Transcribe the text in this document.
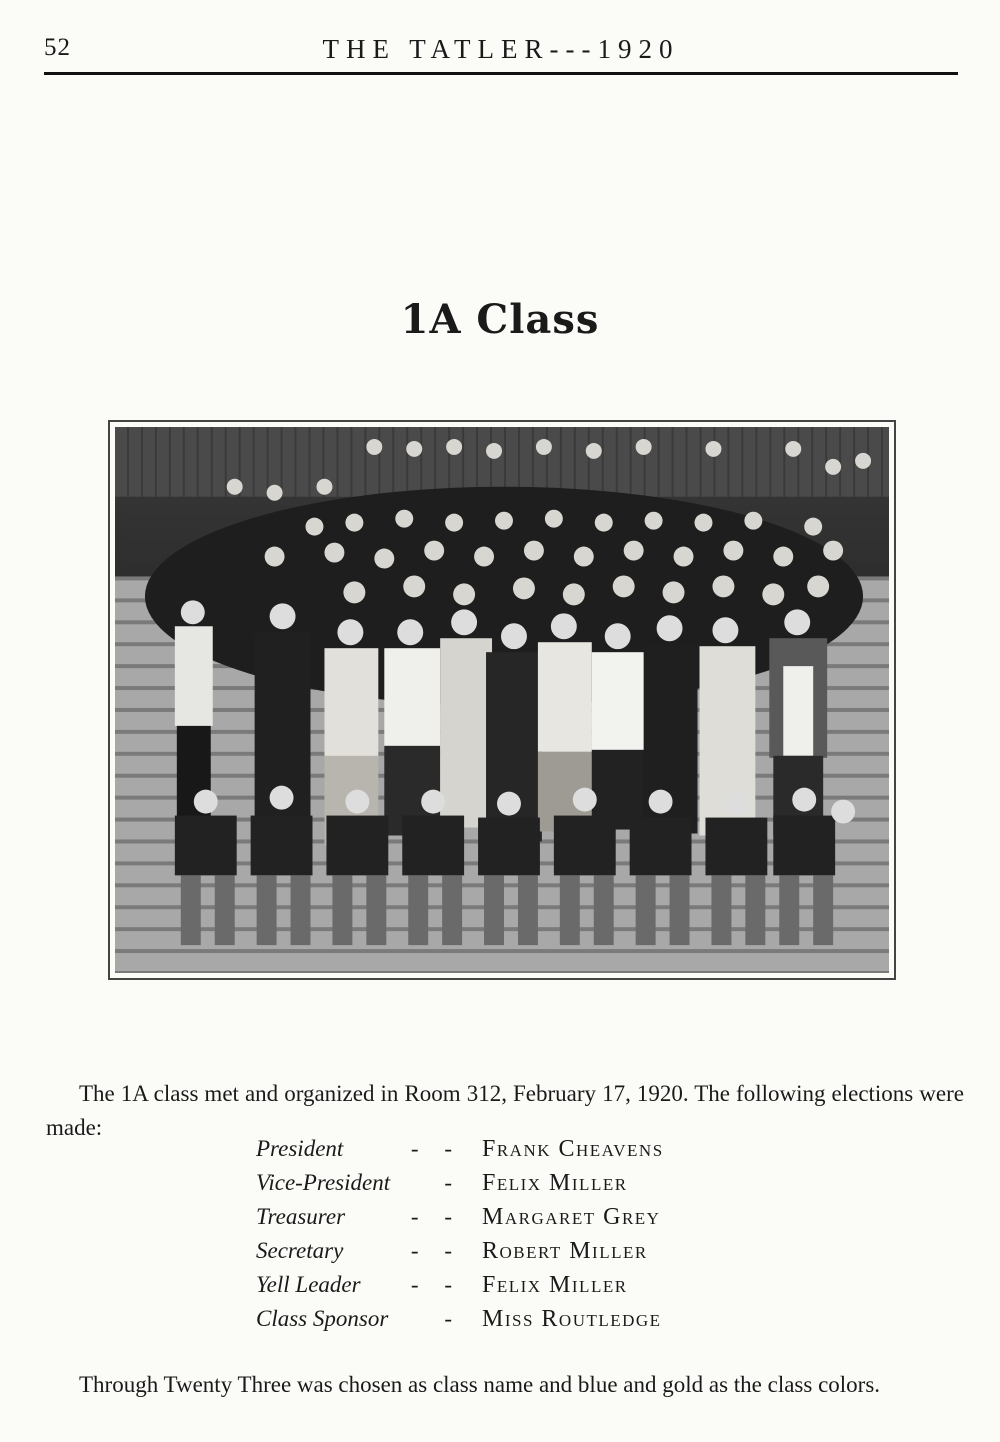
52	THE TATLER---1920
1A Class

The 1A class met and organized in Room 312, February 17, 1920. The following elections were made:

President	- - Frank Cheavens
Vice-President	- Felix Miller
Treasurer	- - Margaret Grey
Secretary	- - Robert Miller
Yell Leader	- - Felix Miller
Class Sponsor	- Miss Routledge

Through Twenty Three was chosen as class name and blue and gold as the class colors.
